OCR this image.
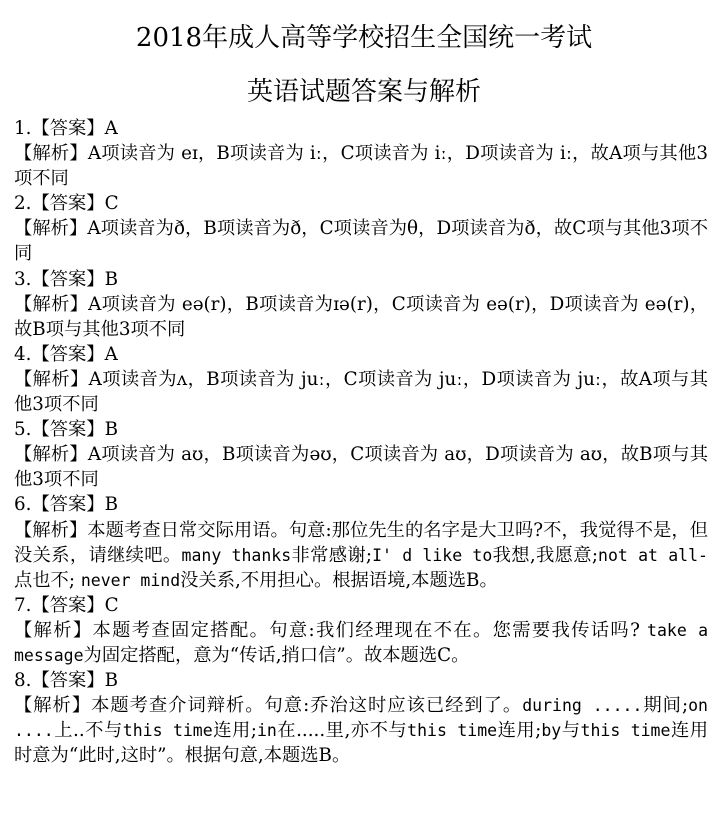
2018年成人高等学校招生全国统一考试
英语试题答案与解析

1.【答案】A

【解析】A项读音为 eɪ，B项读音为 iː，C项读音为 iː，D项读音为 iː，故A项与其他3项不同

2.【答案】C

【解析】A项读音为ð，B项读音为ð，C项读音为θ，D项读音为ð，故C项与其他3项不同

3.【答案】B

【解析】A项读音为 eə(r)，B项读音为ɪə(r)，C项读音为 eə(r)，D项读音为 eə(r)，故B项与其他3项不同

4.【答案】A

【解析】A项读音为ʌ，B项读音为 juː，C项读音为 juː，D项读音为 juː，故A项与其他3项不同

5.【答案】B

【解析】A项读音为 aʊ，B项读音为əʊ，C项读音为 aʊ，D项读音为 aʊ，故B项与其他3项不同

6.【答案】B

【解析】本题考查日常交际用语。句意:那位先生的名字是大卫吗?不，我觉得不是，但没关系，请继续吧。many thanks非常感谢;I' d like to我想,我愿意;not at all-点也不; never mind没关系,不用担心。根据语境,本题选B。

7.【答案】C

【解析】本题考查固定搭配。句意:我们经理现在不在。您需要我传话吗? take a message为固定搭配，意为“传话,捎口信”。故本题选C。

8.【答案】B

【解析】本题考查介词辩析。句意:乔治这时应该已经到了。during .....期间;on ....上..不与this time连用;in在.....里,亦不与this time连用;by与this time连用时意为“此时,这时”。根据句意,本题选B。
